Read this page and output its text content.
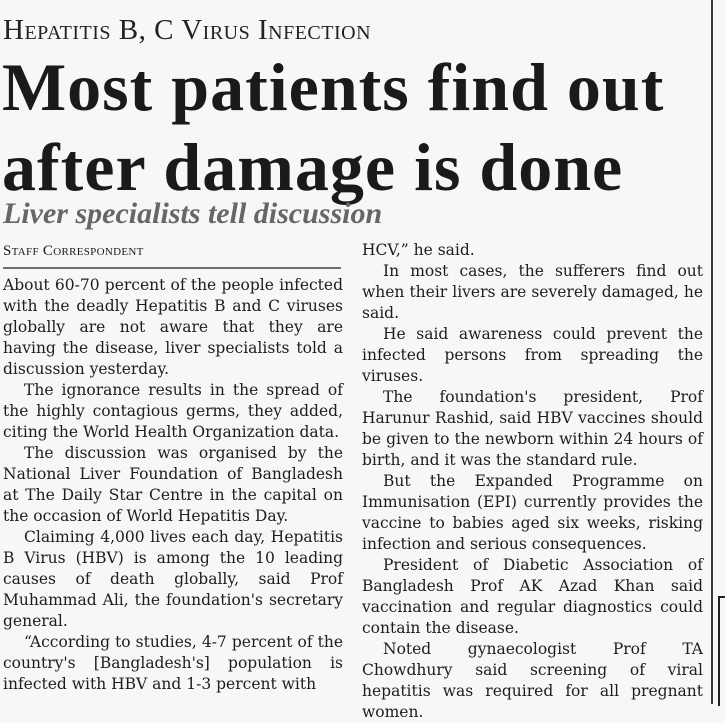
Hepatitis B, C Virus Infection
Most patients find out after damage is done
Liver specialists tell discussion
Staff Correspondent

About 60-70 percent of the people infected with the deadly Hepatitis B and C viruses globally are not aware that they are having the disease, liver specialists told a discussion yesterday.

The ignorance results in the spread of the highly contagious germs, they added, citing the World Health Organization data.

The discussion was organised by the National Liver Foundation of Bangladesh at The Daily Star Centre in the capital on the occasion of World Hepatitis Day.

Claiming 4,000 lives each day, Hepatitis B Virus (HBV) is among the 10 leading causes of death globally, said Prof Muhammad Ali, the foundation's secretary general.

“According to studies, 4-7 percent of the country's [Bangladesh's] population is infected with HBV and 1-3 percent with

HCV,” he said.

In most cases, the sufferers find out when their livers are severely damaged, he said.

He said awareness could prevent the infected persons from spreading the viruses.

The foundation's president, Prof Harunur Rashid, said HBV vaccines should be given to the newborn within 24 hours of birth, and it was the standard rule.

But the Expanded Programme on Immunisation (EPI) currently provides the vaccine to babies aged six weeks, risking infection and serious consequences.

President of Diabetic Association of Bangladesh Prof AK Azad Khan said vaccination and regular diagnostics could contain the disease.

Noted gynaecologist Prof TA Chowdhury said screening of viral hepatitis was required for all pregnant women.
